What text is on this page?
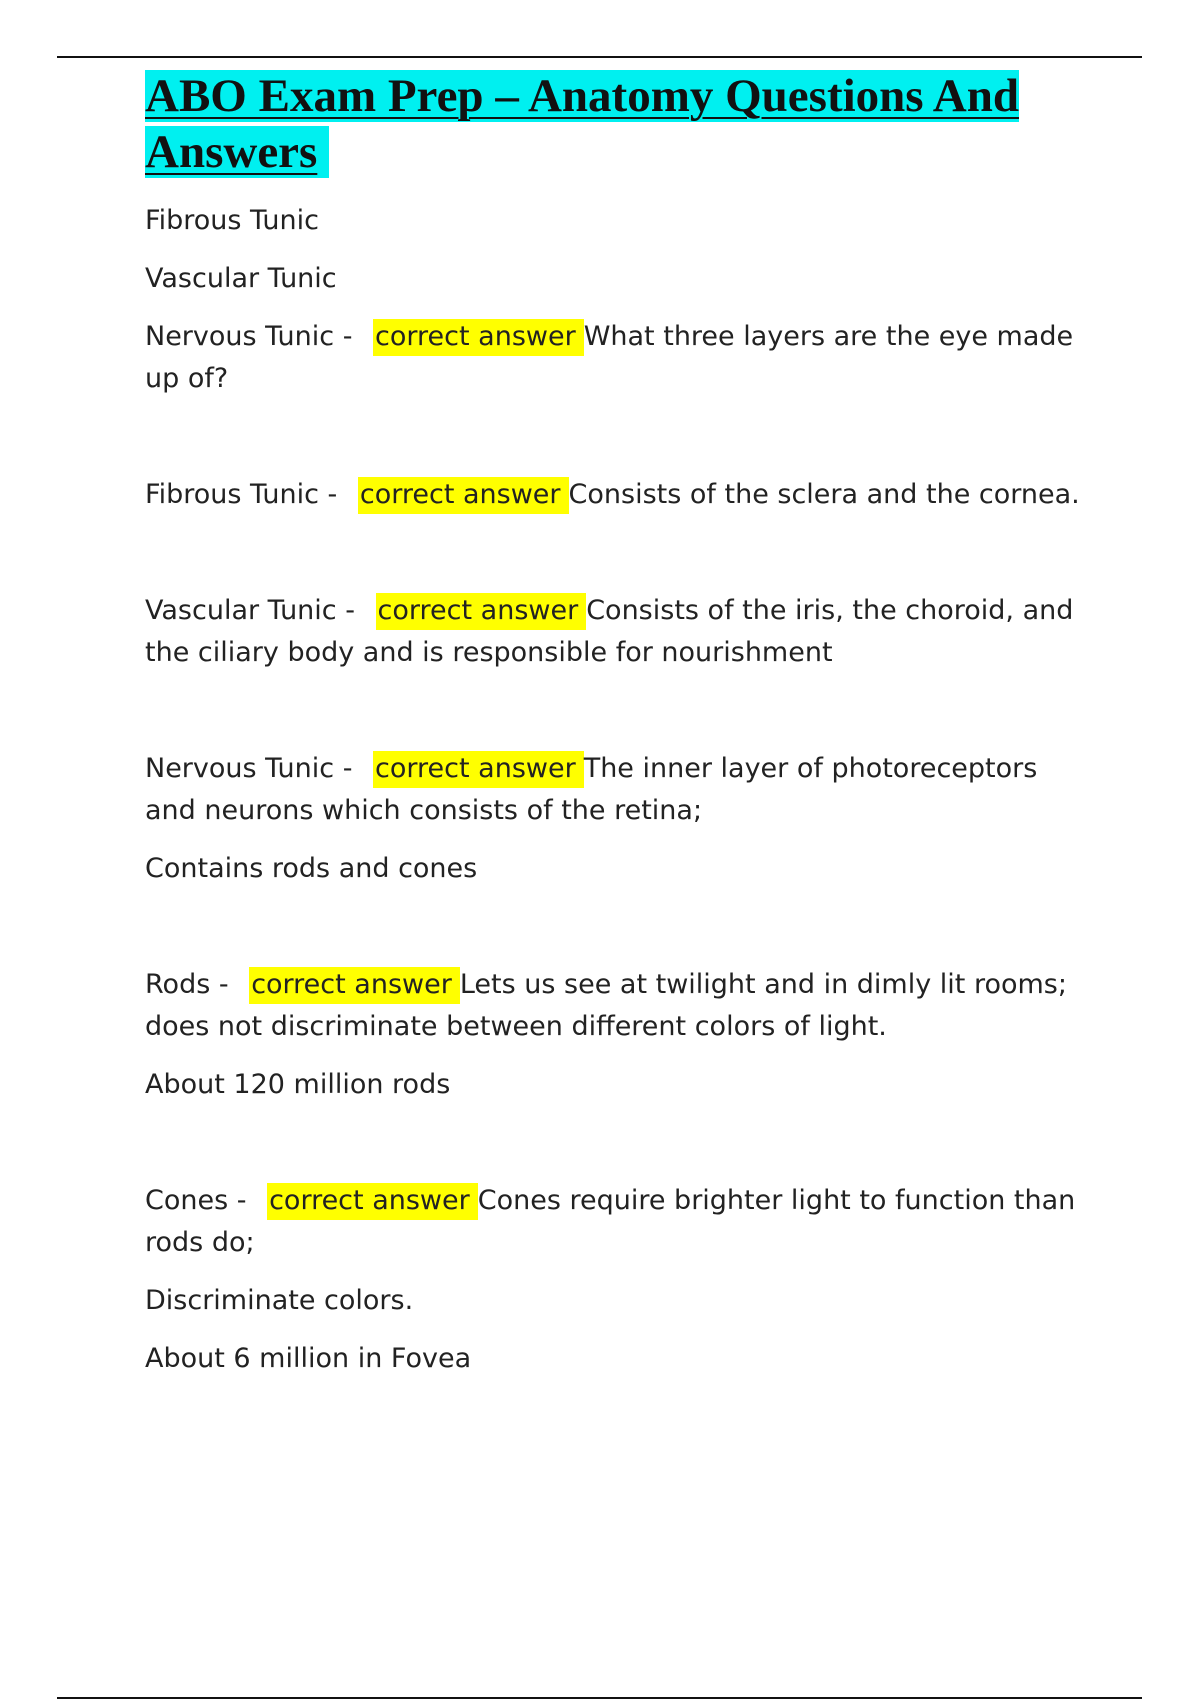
ABO Exam Prep – Anatomy Questions And Answers
Fibrous Tunic
Vascular Tunic
Nervous Tunic - correct answer What three layers are the eye made up of?
Fibrous Tunic - correct answer Consists of the sclera and the cornea.
Vascular Tunic - correct answer Consists of the iris, the choroid, and the ciliary body and is responsible for nourishment
Nervous Tunic - correct answer The inner layer of photoreceptors and neurons which consists of the retina;
Contains rods and cones
Rods - correct answer Lets us see at twilight and in dimly lit rooms; does not discriminate between different colors of light.
About 120 million rods
Cones - correct answer Cones require brighter light to function than rods do;
Discriminate colors.
About 6 million in Fovea
